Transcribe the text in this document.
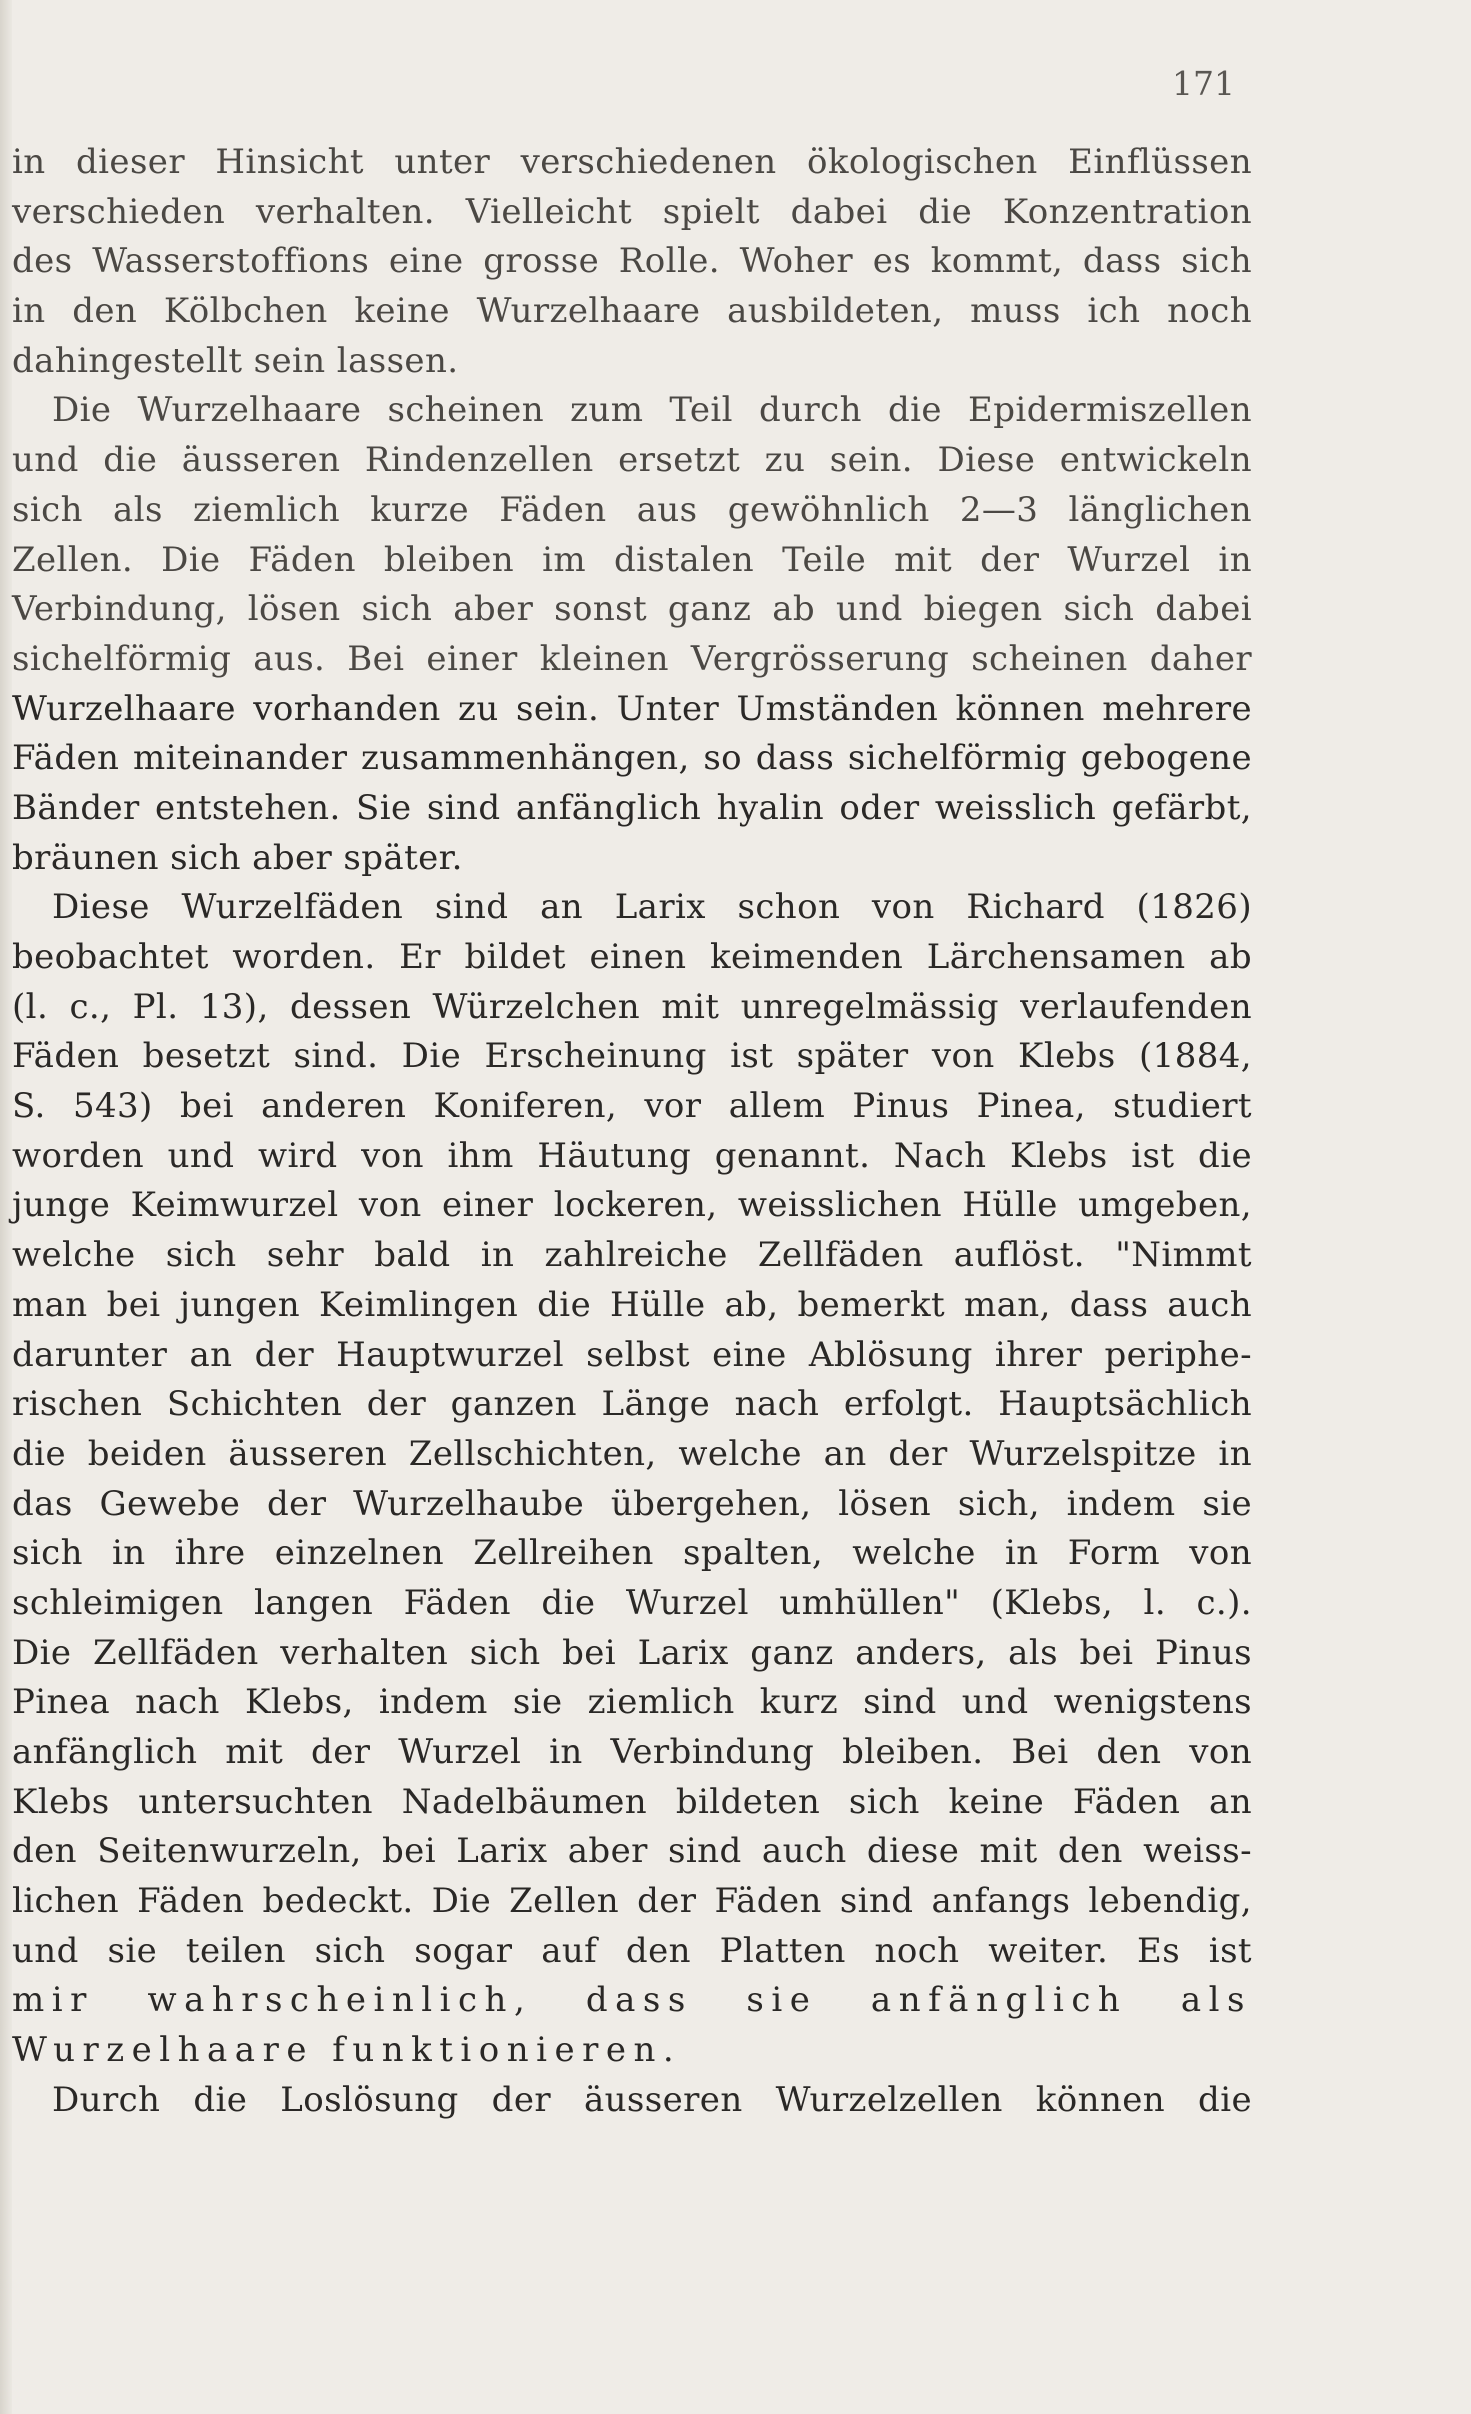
171
in dieser Hinsicht unter verschiedenen ökologischen Einflüssen
verschieden verhalten. Vielleicht spielt dabei die Konzentration
des Wasserstoffions eine grosse Rolle. Woher es kommt, dass sich
in den Kölbchen keine Wurzelhaare ausbildeten, muss ich noch
dahingestellt sein lassen.
Die Wurzelhaare scheinen zum Teil durch die Epidermiszellen
und die äusseren Rindenzellen ersetzt zu sein. Diese entwickeln
sich als ziemlich kurze Fäden aus gewöhnlich 2—3 länglichen
Zellen. Die Fäden bleiben im distalen Teile mit der Wurzel in
Verbindung, lösen sich aber sonst ganz ab und biegen sich dabei
sichelförmig aus. Bei einer kleinen Vergrösserung scheinen daher
Wurzelhaare vorhanden zu sein. Unter Umständen können mehrere
Fäden miteinander zusammenhängen, so dass sichelförmig gebogene
Bänder entstehen. Sie sind anfänglich hyalin oder weisslich gefärbt,
bräunen sich aber später.
Diese Wurzelfäden sind an Larix schon von Richard (1826)
beobachtet worden. Er bildet einen keimenden Lärchensamen ab
(l. c., Pl. 13), dessen Würzelchen mit unregelmässig verlaufenden
Fäden besetzt sind. Die Erscheinung ist später von Klebs (1884,
S. 543) bei anderen Koniferen, vor allem Pinus Pinea, studiert
worden und wird von ihm Häutung genannt. Nach Klebs ist die
junge Keimwurzel von einer lockeren, weisslichen Hülle umgeben,
welche sich sehr bald in zahlreiche Zellfäden auflöst. "Nimmt
man bei jungen Keimlingen die Hülle ab, bemerkt man, dass auch
darunter an der Hauptwurzel selbst eine Ablösung ihrer periphe-
rischen Schichten der ganzen Länge nach erfolgt. Hauptsächlich
die beiden äusseren Zellschichten, welche an der Wurzelspitze in
das Gewebe der Wurzelhaube übergehen, lösen sich, indem sie
sich in ihre einzelnen Zellreihen spalten, welche in Form von
schleimigen langen Fäden die Wurzel umhüllen" (Klebs, l. c.).
Die Zellfäden verhalten sich bei Larix ganz anders, als bei Pinus
Pinea nach Klebs, indem sie ziemlich kurz sind und wenigstens
anfänglich mit der Wurzel in Verbindung bleiben. Bei den von
Klebs untersuchten Nadelbäumen bildeten sich keine Fäden an
den Seitenwurzeln, bei Larix aber sind auch diese mit den weiss-
lichen Fäden bedeckt. Die Zellen der Fäden sind anfangs lebendig,
und sie teilen sich sogar auf den Platten noch weiter. Es ist
mir wahrscheinlich, dass sie anfänglich als
Wurzelhaare funktionieren.
Durch die Loslösung der äusseren Wurzelzellen können die
